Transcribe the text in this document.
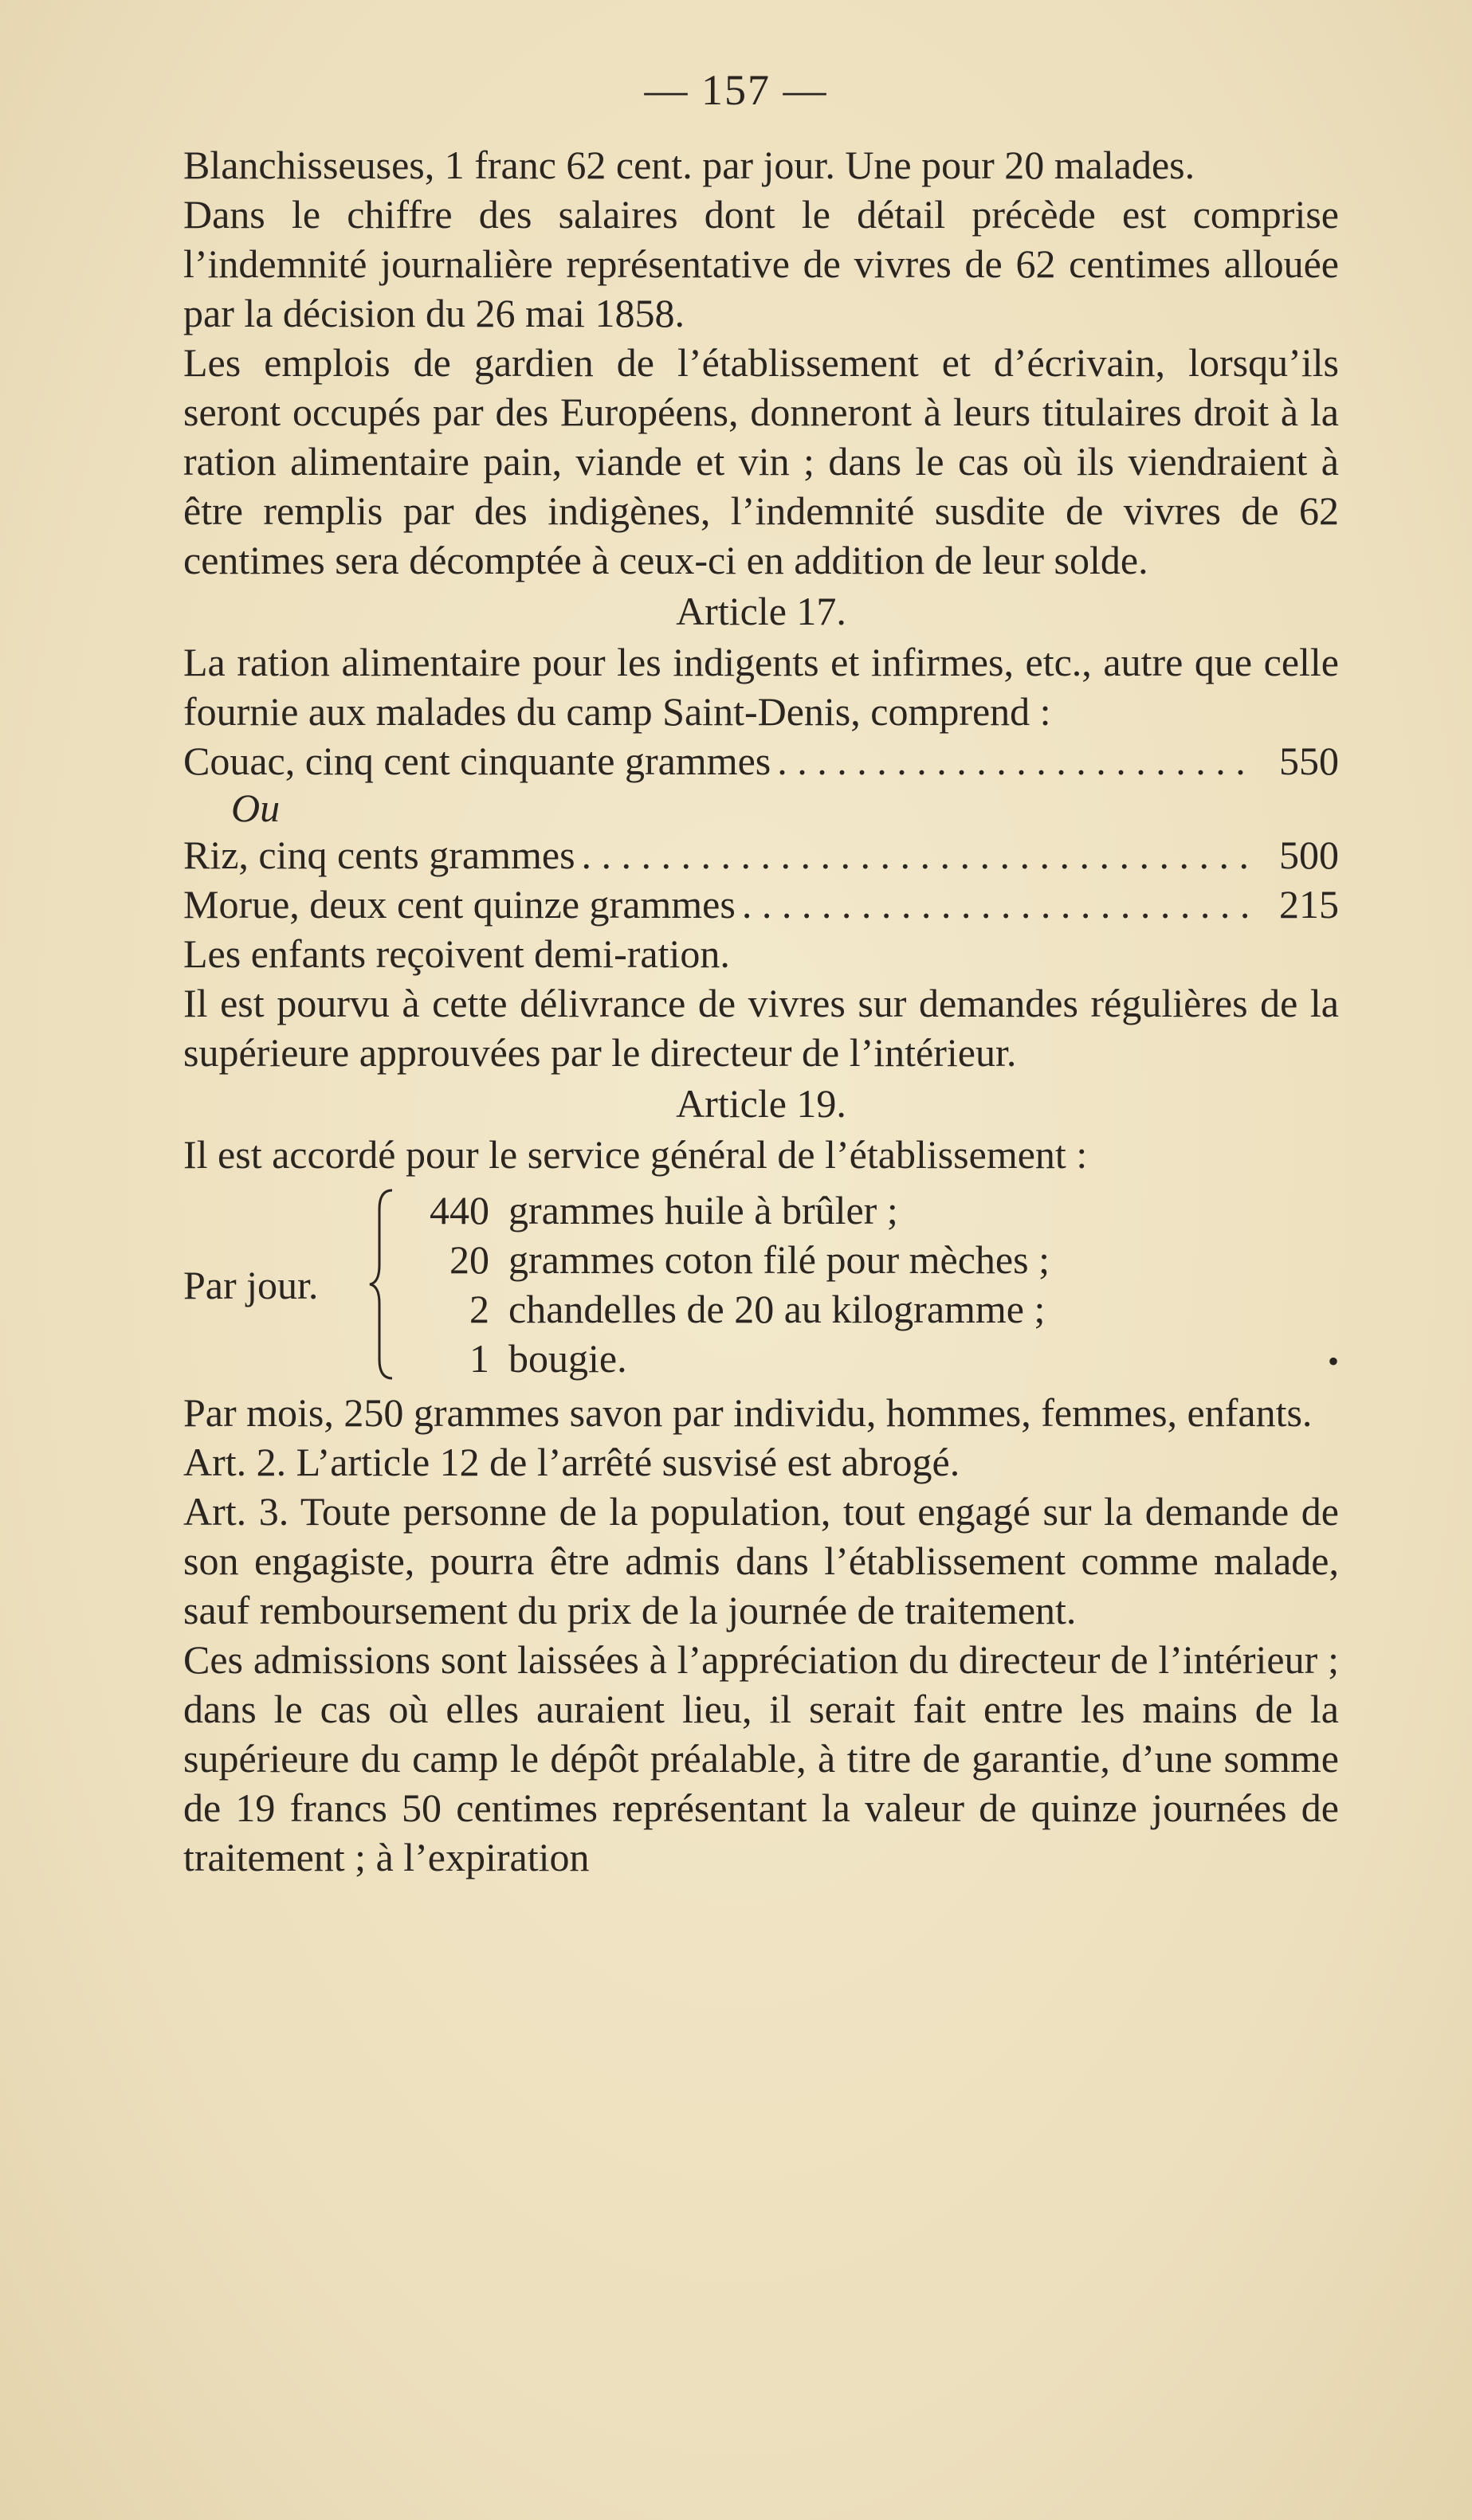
— 157 —

Blanchisseuses, 1 franc 62 cent. par jour. Une pour 20 malades.

Dans le chiffre des salaires dont le détail précède est comprise l’indemnité journalière représentative de vivres de 62 centimes allouée par la décision du 26 mai 1858.

Les emplois de gardien de l’établissement et d’écrivain, lorsqu’ils seront occupés par des Européens, donneront à leurs titulaires droit à la ration alimentaire pain, viande et vin ; dans le cas où ils viendraient à être remplis par des indigènes, l’indemnité susdite de vivres de 62 centimes sera décomptée à ceux-ci en addition de leur solde.

Article 17.

La ration alimentaire pour les indigents et infirmes, etc., autre que celle fournie aux malades du camp Saint-Denis, comprend :

Couac, cinq cent cinquante grammes . . .	550
Ou
Riz, cinq cents grammes . . .	500
Morue, deux cent quinze grammes . . .	215

Les enfants reçoivent demi-ration.

Il est pourvu à cette délivrance de vivres sur demandes régulières de la supérieure approuvées par le directeur de l’intérieur.

Article 19.

Il est accordé pour le service général de l’établissement :

Par jour.
440 grammes huile à brûler ;
20 grammes coton filé pour mèches ;
2 chandelles de 20 au kilogramme ;
1 bougie.	•

Par mois, 250 grammes savon par individu, hommes, femmes, enfants.

Art. 2. L’article 12 de l’arrêté susvisé est abrogé.

Art. 3. Toute personne de la population, tout engagé sur la demande de son engagiste, pourra être admis dans l’établissement comme malade, sauf remboursement du prix de la journée de traitement.

Ces admissions sont laissées à l’appréciation du directeur de l’intérieur ; dans le cas où elles auraient lieu, il serait fait entre les mains de la supérieure du camp le dépôt préalable, à titre de garantie, d’une somme de 19 francs 50 centimes représentant la valeur de quinze journées de traitement ; à l’expiration
